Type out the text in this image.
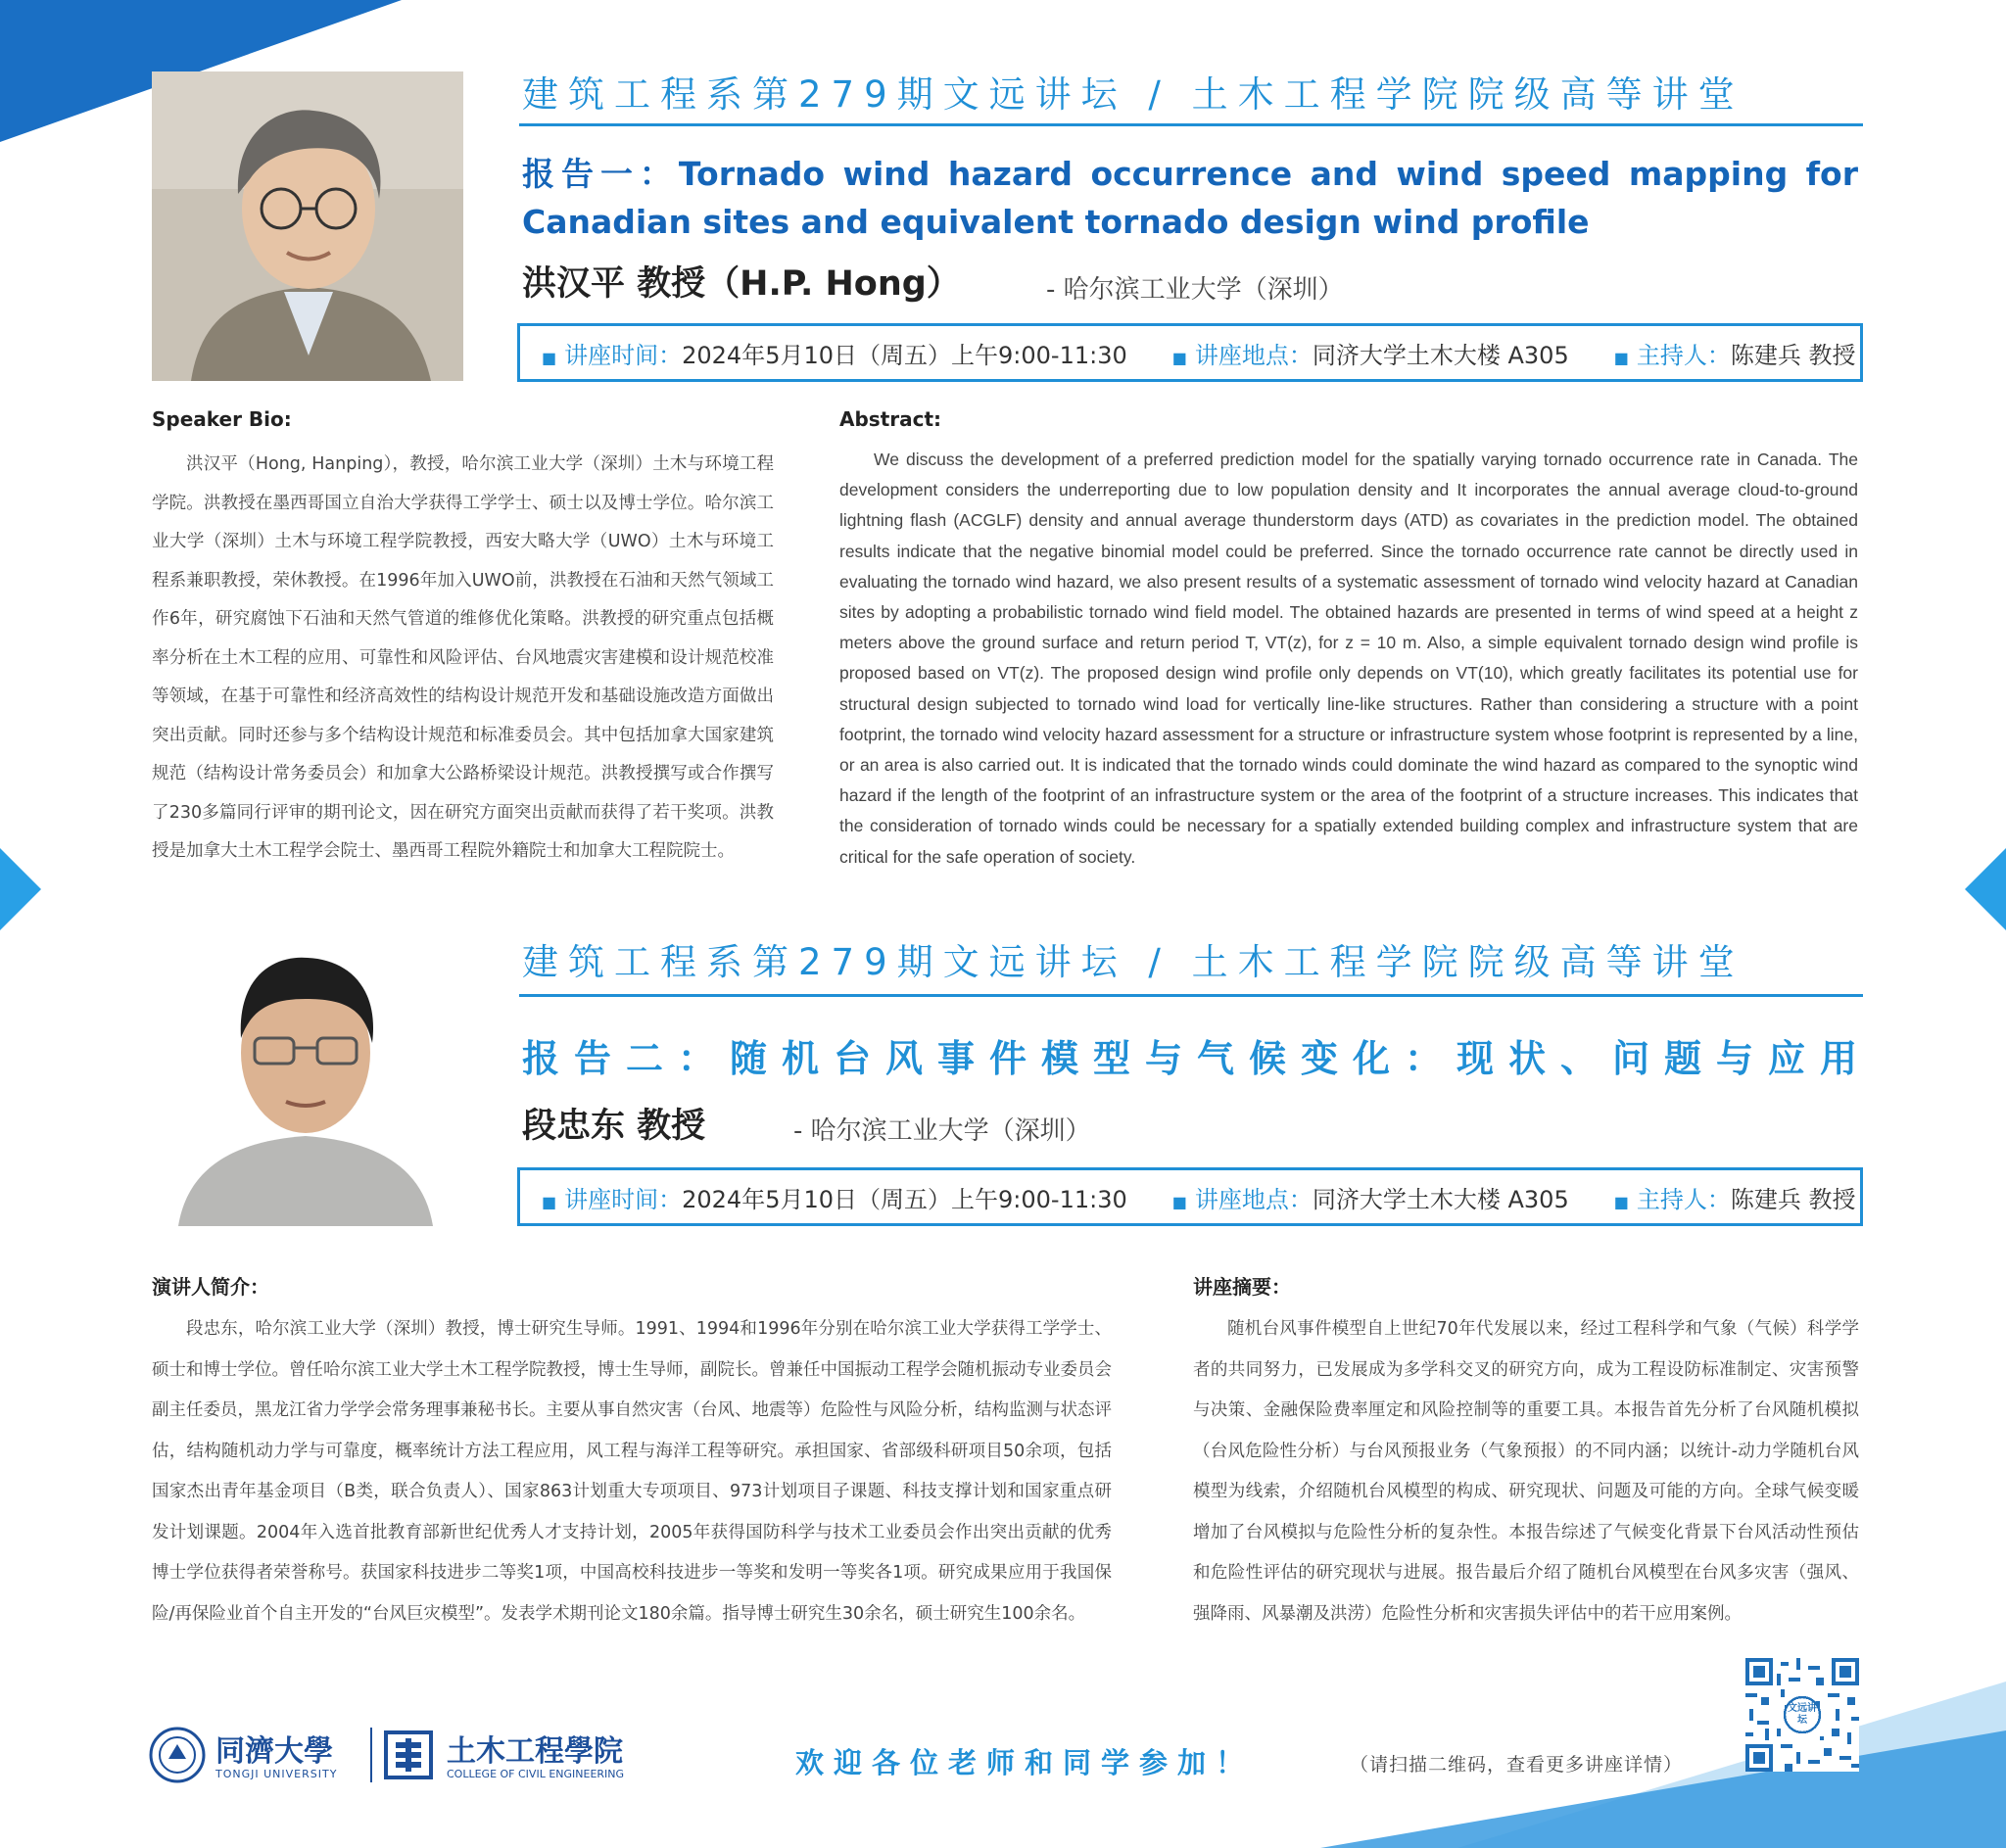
建筑工程系第279期文远讲坛 / 土木工程学院院级高等讲堂
报告一：Tornado wind hazard occurrence and wind speed mapping for Canadian sites and equivalent tornado design wind profile
洪汉平 教授（H.P. Hong）	- 哈尔滨工业大学（深圳）
■ 讲座时间：2024年5月10日（周五）上午9:00-11:30	■ 讲座地点：同济大学土木大楼 A305	■ 主持人：陈建兵 教授
Speaker Bio:
洪汉平（Hong, Hanping），教授，哈尔滨工业大学（深圳）土木与环境工程学院。洪教授在墨西哥国立自治大学获得工学学士、硕士以及博士学位。哈尔滨工业大学（深圳）土木与环境工程学院教授，西安大略大学（UWO）土木与环境工程系兼职教授，荣休教授。在1996年加入UWO前，洪教授在石油和天然气领域工作6年，研究腐蚀下石油和天然气管道的维修优化策略。洪教授的研究重点包括概率分析在土木工程的应用、可靠性和风险评估、台风地震灾害建模和设计规范校准等领域，在基于可靠性和经济高效性的结构设计规范开发和基础设施改造方面做出突出贡献。同时还参与多个结构设计规范和标准委员会。其中包括加拿大国家建筑规范（结构设计常务委员会）和加拿大公路桥梁设计规范。洪教授撰写或合作撰写了230多篇同行评审的期刊论文，因在研究方面突出贡献而获得了若干奖项。洪教授是加拿大土木工程学会院士、墨西哥工程院外籍院士和加拿大工程院院士。
Abstract:
We discuss the development of a preferred prediction model for the spatially varying tornado occurrence rate in Canada. The development considers the underreporting due to low population density and It incorporates the annual average cloud-to-ground lightning flash (ACGLF) density and annual average thunderstorm days (ATD) as covariates in the prediction model. The obtained results indicate that the negative binomial model could be preferred. Since the tornado occurrence rate cannot be directly used in evaluating the tornado wind hazard, we also present results of a systematic assessment of tornado wind velocity hazard at Canadian sites by adopting a probabilistic tornado wind field model. The obtained hazards are presented in terms of wind speed at a height z meters above the ground surface and return period T, VT(z), for z = 10 m. Also, a simple equivalent tornado design wind profile is proposed based on VT(z). The proposed design wind profile only depends on VT(10), which greatly facilitates its potential use for structural design subjected to tornado wind load for vertically line-like structures. Rather than considering a structure with a point footprint, the tornado wind velocity hazard assessment for a structure or infrastructure system whose footprint is represented by a line, or an area is also carried out. It is indicated that the tornado winds could dominate the wind hazard as compared to the synoptic wind hazard if the length of the footprint of an infrastructure system or the area of the footprint of a structure increases. This indicates that the consideration of tornado winds could be necessary for a spatially extended building complex and infrastructure system that are critical for the safe operation of society.
建筑工程系第279期文远讲坛 / 土木工程学院院级高等讲堂
报告二：随机台风事件模型与气候变化：现状、问题与应用
段忠东 教授	- 哈尔滨工业大学（深圳）
■ 讲座时间：2024年5月10日（周五）上午9:00-11:30	■ 讲座地点：同济大学土木大楼 A305	■ 主持人：陈建兵 教授
演讲人简介：
段忠东，哈尔滨工业大学（深圳）教授，博士研究生导师。1991、1994和1996年分别在哈尔滨工业大学获得工学学士、硕士和博士学位。曾任哈尔滨工业大学土木工程学院教授，博士生导师，副院长。曾兼任中国振动工程学会随机振动专业委员会副主任委员，黑龙江省力学学会常务理事兼秘书长。主要从事自然灾害（台风、地震等）危险性与风险分析，结构监测与状态评估，结构随机动力学与可靠度，概率统计方法工程应用，风工程与海洋工程等研究。承担国家、省部级科研项目50余项，包括国家杰出青年基金项目（B类，联合负责人）、国家863计划重大专项项目、973计划项目子课题、科技支撑计划和国家重点研发计划课题。2004年入选首批教育部新世纪优秀人才支持计划，2005年获得国防科学与技术工业委员会作出突出贡献的优秀博士学位获得者荣誉称号。获国家科技进步二等奖1项，中国高校科技进步一等奖和发明一等奖各1项。研究成果应用于我国保险/再保险业首个自主开发的“台风巨灾模型”。发表学术期刊论文180余篇。指导博士研究生30余名，硕士研究生100余名。
讲座摘要：
随机台风事件模型自上世纪70年代发展以来，经过工程科学和气象（气候）科学学者的共同努力，已发展成为多学科交叉的研究方向，成为工程设防标准制定、灾害预警与决策、金融保险费率厘定和风险控制等的重要工具。本报告首先分析了台风随机模拟（台风危险性分析）与台风预报业务（气象预报）的不同内涵；以统计-动力学随机台风模型为线索，介绍随机台风模型的构成、研究现状、问题及可能的方向。全球气候变暖增加了台风模拟与危险性分析的复杂性。本报告综述了气候变化背景下台风活动性预估和危险性评估的研究现状与进展。报告最后介绍了随机台风模型在台风多灾害（强风、强降雨、风暴潮及洪涝）危险性分析和灾害损失评估中的若干应用案例。
同濟大學
TONGJI UNIVERSITY
土木工程學院
COLLEGE OF CIVIL ENGINEERING	欢迎各位老师和同学参加！	（请扫描二维码，查看更多讲座详情）
文远讲坛
